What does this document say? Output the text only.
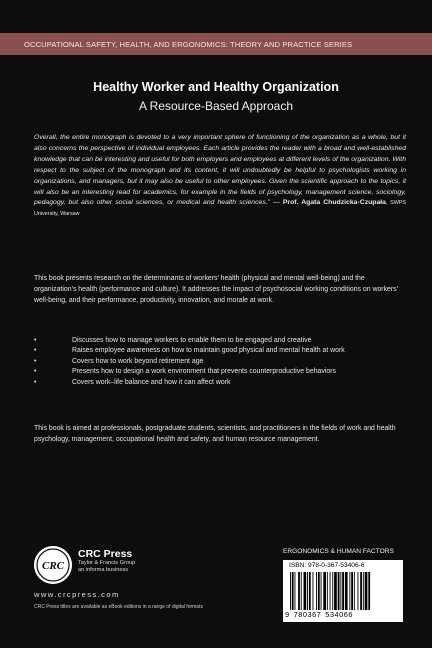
OCCUPATIONAL SAFETY, HEALTH, AND ERGONOMICS: THEORY AND PRACTICE SERIES
Healthy Worker and Healthy Organization
A Resource-Based Approach
Overall, the entire monograph is devoted to a very important sphere of functioning of the organization as a whole, but it also concerns the perspective of individual employees. Each article provides the reader with a broad and well-established knowledge that can be interesting and useful for both employers and employees at different levels of the organization. With respect to the subject of the monograph and its content, it will undoubtedly be helpful to psychologists working in organizations, and managers, but it may also be useful to other employees. Given the scientific approach to the topics, it will also be an interesting read for academics, for example in the fields of psychology, management science, sociology, pedagogy, but also other social sciences, or medical and health sciences.” — Prof. Agata Chudzicka-Czupała, SWPS University, Warsaw
This book presents research on the determinants of workers’ health (physical and mental well-being) and the organization’s health (performance and culture). It addresses the impact of psychosocial working conditions on workers’ well-being, and their performance, productivity, innovation, and morale at work.
•	Discusses how to manage workers to enable them to be engaged and creative
•	Raises employee awareness on how to maintain good physical and mental health at work
•	Covers how to work beyond retirement age
•	Presents how to design a work environment that prevents counterproductive behaviors
•	Covers work–life balance and how it can affect work
This book is aimed at professionals, postgraduate students, scientists, and practitioners in the fields of work and health psychology, management, occupational health and safety, and human resource management.
CRC
CRC Press
Taylor & Francis Group
an informa business
www.crcpress.com
CRC Press titles are available as eBook editions in a range of digital formats
ERGONOMICS & HUMAN FACTORS
ISBN: 978-0-367-53406-6
9 780367 534066
